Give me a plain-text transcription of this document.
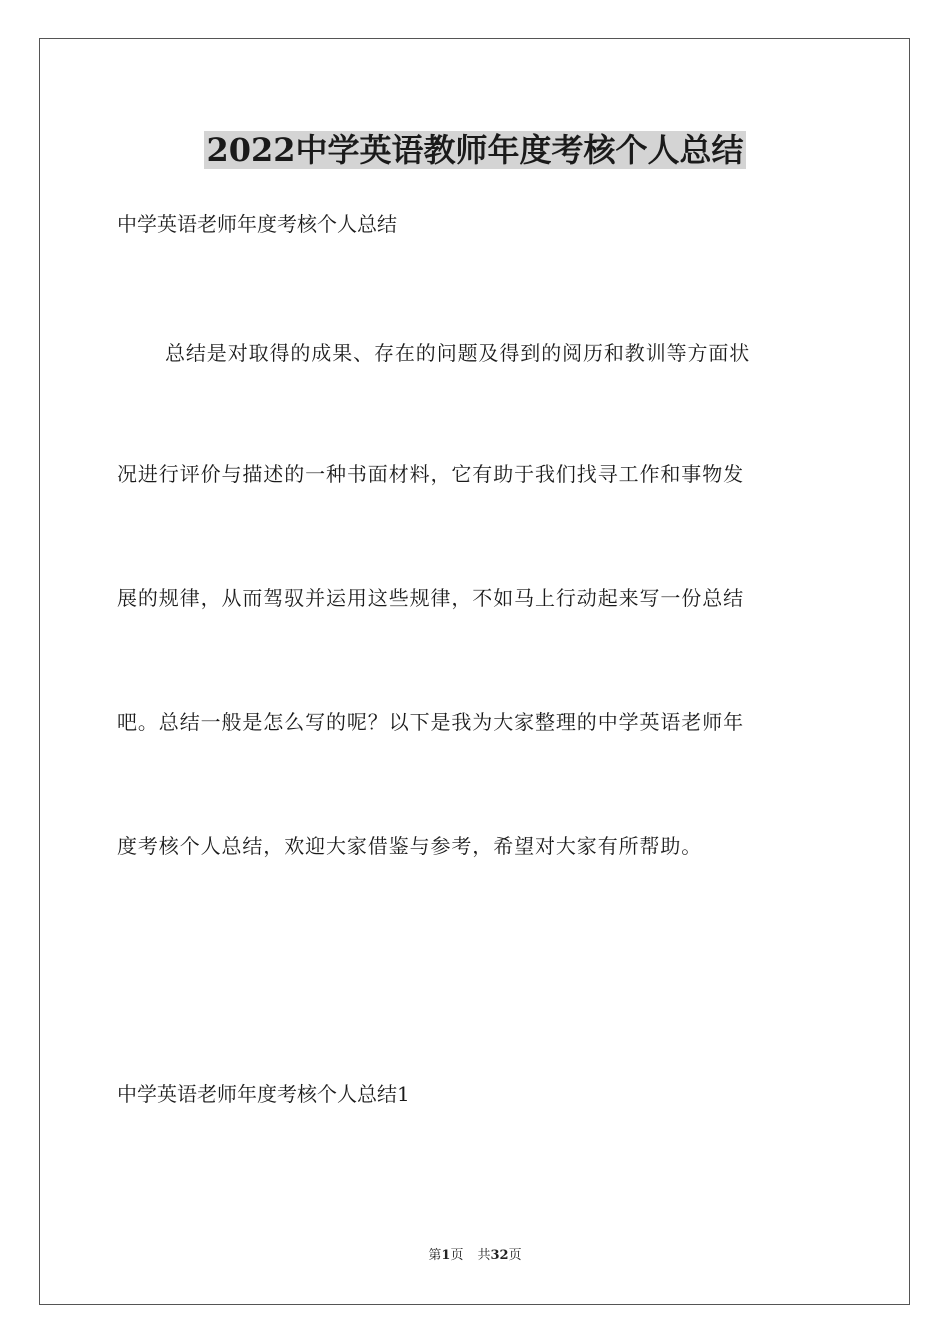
2022中学英语教师年度考核个人总结
中学英语老师年度考核个人总结
总结是对取得的成果、存在的问题及得到的阅历和教训等方面状
况进行评价与描述的一种书面材料，它有助于我们找寻工作和事物发
展的规律，从而驾驭并运用这些规律，不如马上行动起来写一份总结
吧。总结一般是怎么写的呢？以下是我为大家整理的中学英语老师年
度考核个人总结，欢迎大家借鉴与参考，希望对大家有所帮助。
中学英语老师年度考核个人总结1
第1页 共32页
